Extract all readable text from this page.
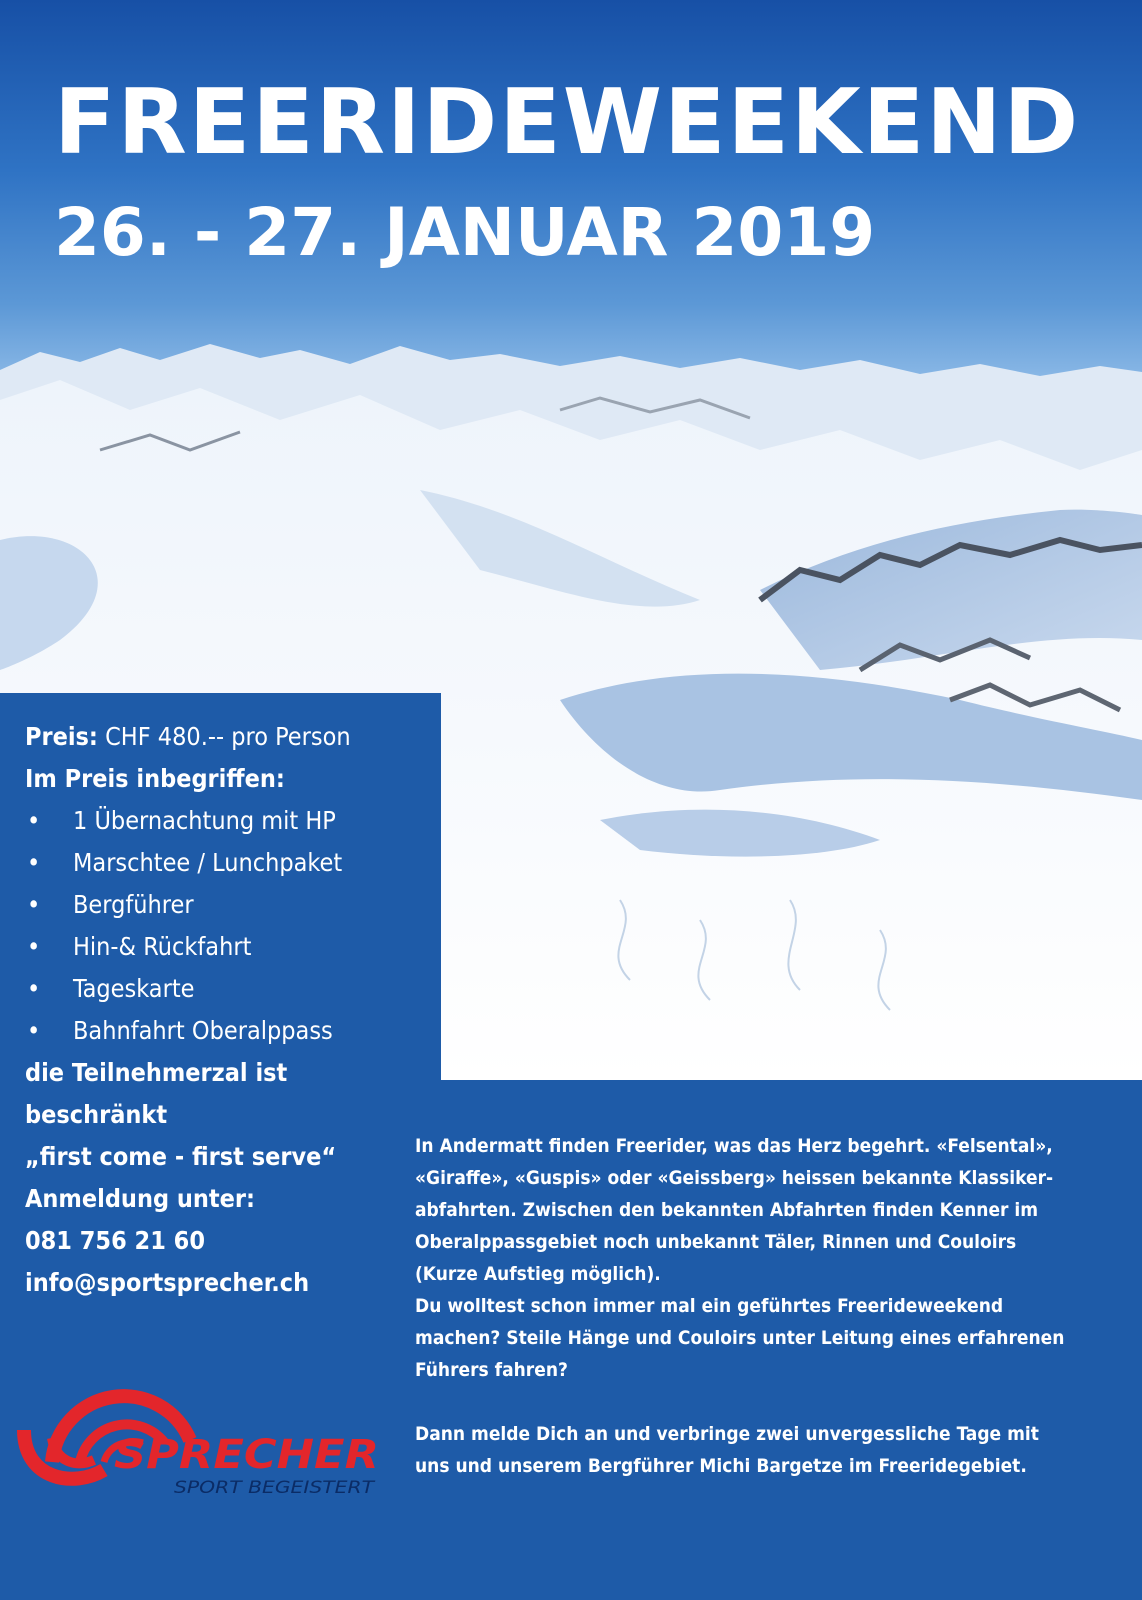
FREERIDEWEEKEND
26. - 27. JANUAR 2019
Preis: CHF 480.-- pro Person
Im Preis inbegriffen:
• 1 Übernachtung mit HP
• Marschtee / Lunchpaket
• Bergführer
• Hin-& Rückfahrt
• Tageskarte
• Bahnfahrt Oberalppass
die Teilnehmerzal ist
beschränkt
„first come - first serve“
Anmeldung unter:
081 756 21 60
info@sportsprecher.ch

In Andermatt finden Freerider, was das Herz begehrt. «Felsental»,
«Giraffe», «Guspis» oder «Geissberg» heissen bekannte Klassiker-
abfahrten. Zwischen den bekannten Abfahrten finden Kenner im
Oberalppassgebiet noch unbekannt Täler, Rinnen und Couloirs
(Kurze Aufstieg möglich).

Du wolltest schon immer mal ein geführtes Freerideweekend
machen? Steile Hänge und Couloirs unter Leitung eines erfahrenen
Führers fahren?

Dann melde Dich an und verbringe zwei unvergessliche Tage mit
uns und unserem Bergführer Michi Bargetze im Freeridegebiet.

SPRECHER
SPORT BEGEISTERT
